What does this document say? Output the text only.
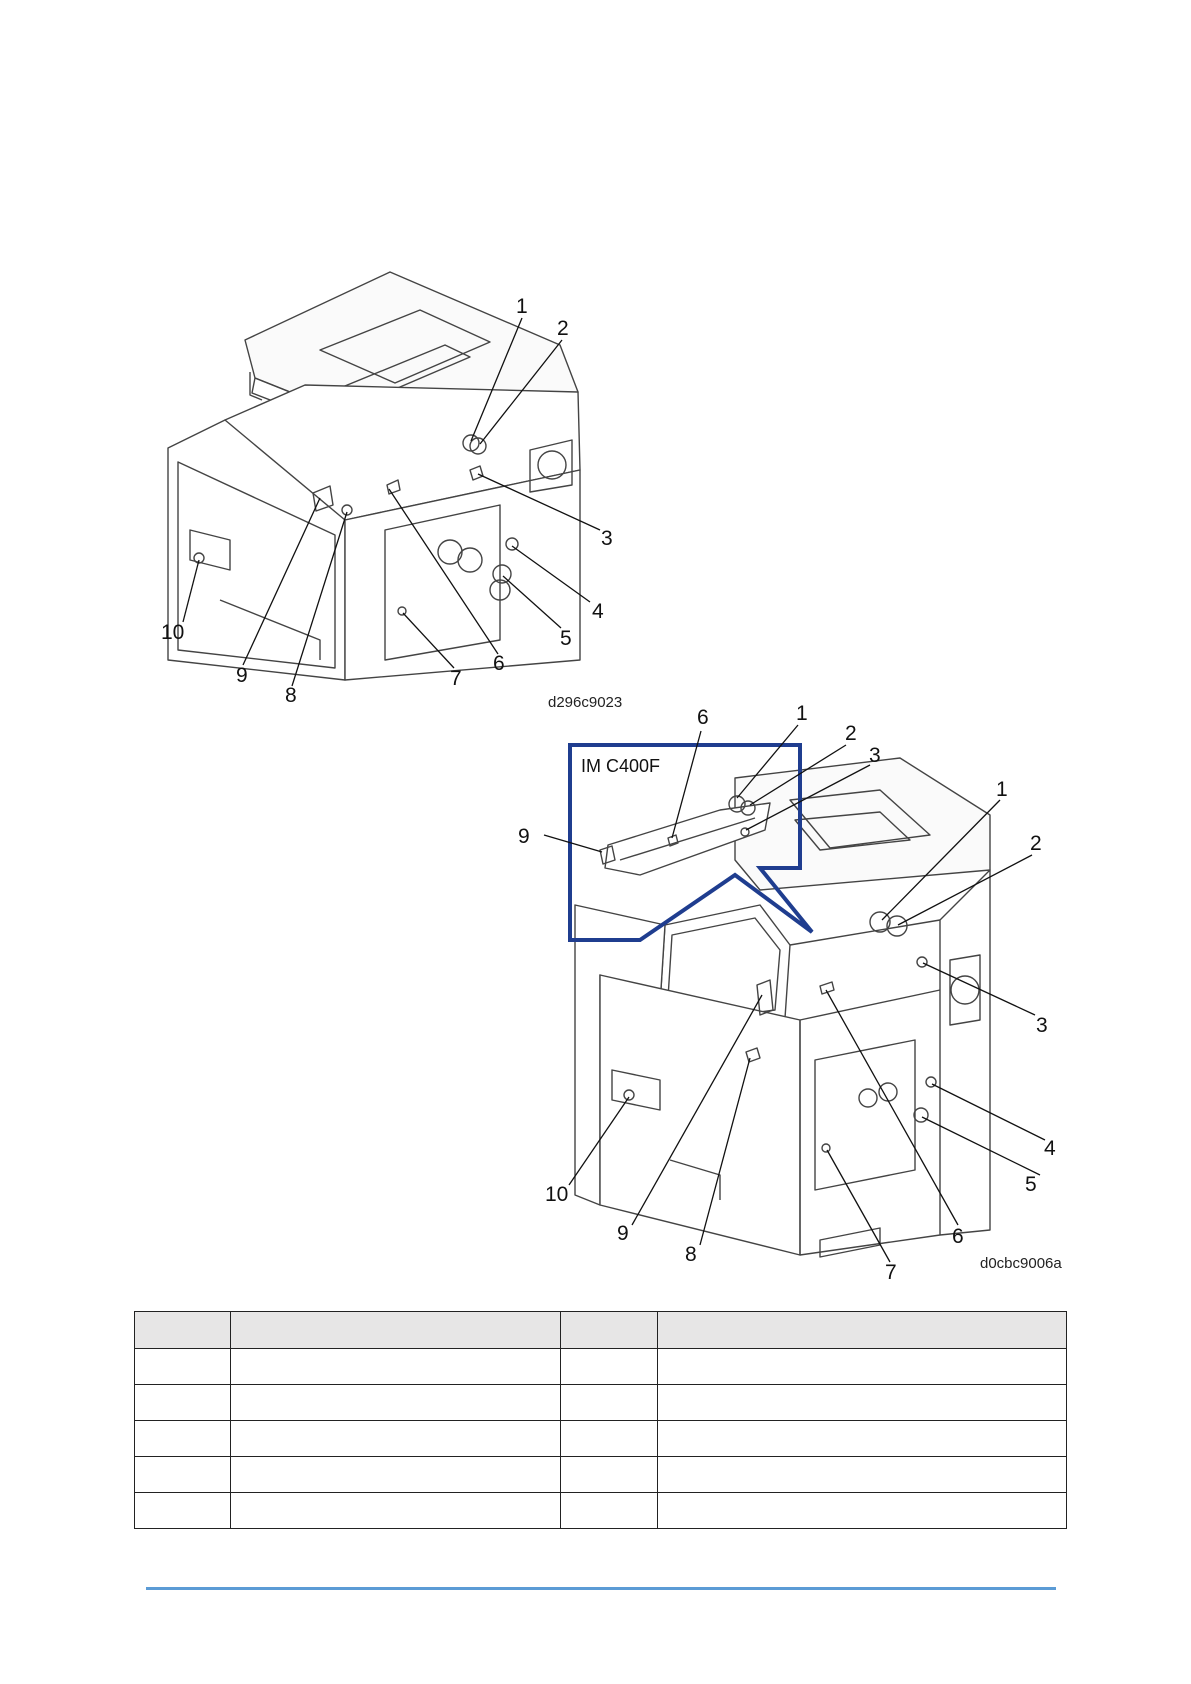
1
2
3
4
5
6
7
8
9
10
d296c9023
IM C400F
6	1
2
3
9
1
2
3
4
5
6
7
8
9
10
d0cbc9006a
